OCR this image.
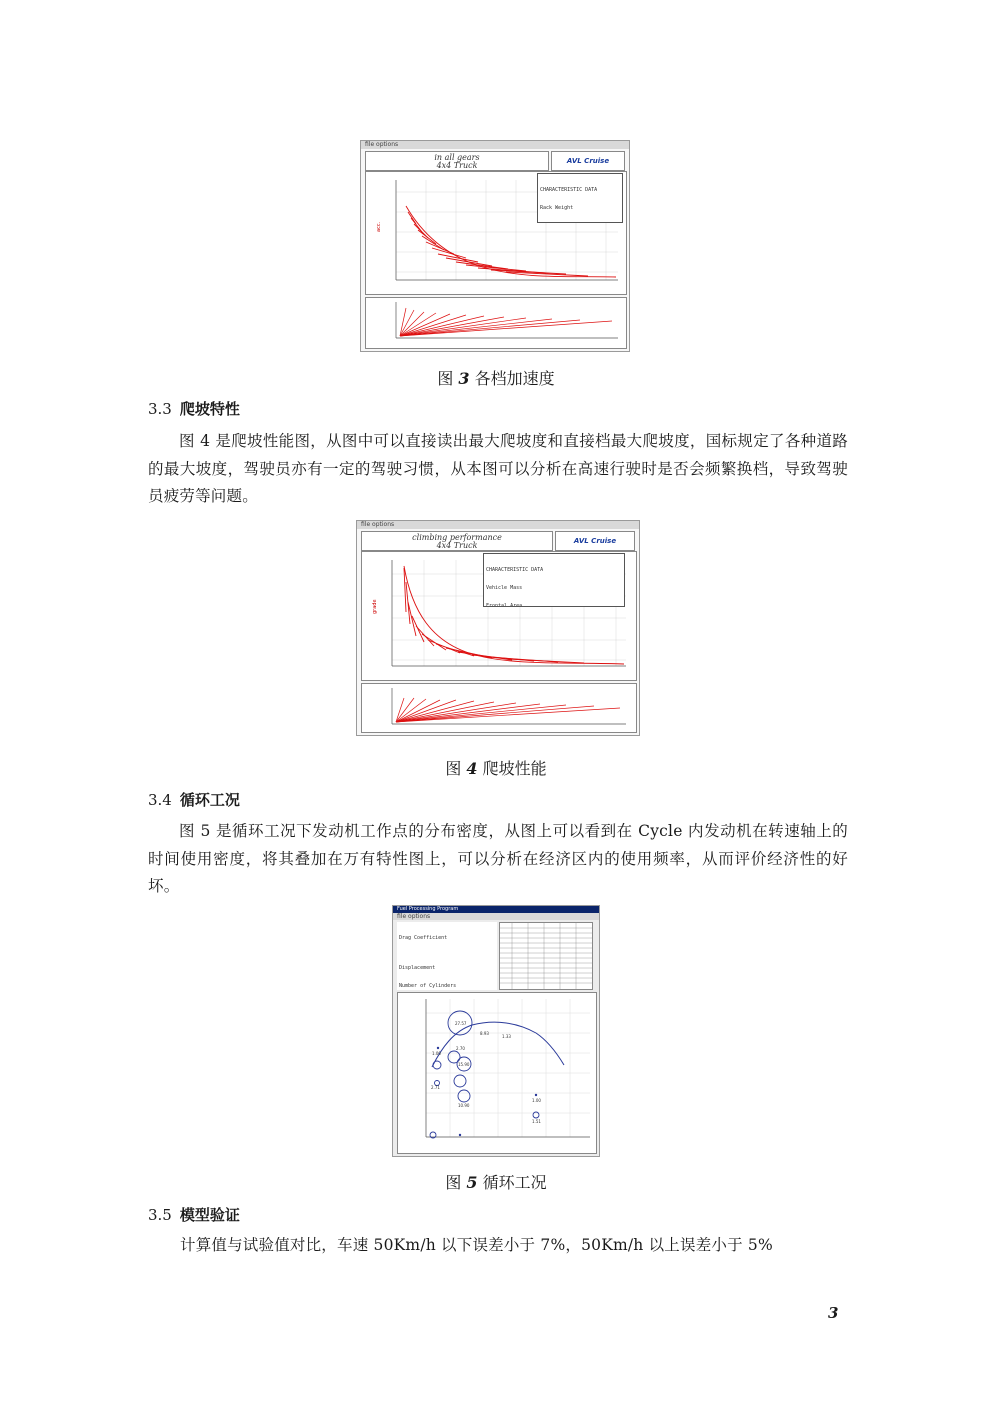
file options
in all gears
4x4 Truck	AVL Cruise
acc.

CHARACTERISTIC DATA

Rack Weight

图 3 各档加速度
3.3 爬坡特性
图 4 是爬坡性能图，从图中可以直接读出最大爬坡度和直接档最大爬坡度，国标规定了各种道路的最大坡度，驾驶员亦有一定的驾驶习惯，从本图可以分析在高速行驶时是否会频繁换档，导致驾驶员疲劳等问题。
file options
climbing performance
4x4 Truck	AVL Cruise
grade

CHARACTERISTIC DATA

Vehicle Mass

Frontal Area

图 4 爬坡性能
3.4 循环工况
图 5 是循环工况下发动机工作点的分布密度，从图上可以看到在 Cycle 内发动机在转速轴上的时间使用密度，将其叠加在万有特性图上，可以分析在经济区内的使用频率，从而评价经济性的好坏。
Fuel Processing Program
file options

Drag Coefficient

Displacement

Number of Cylinders

27.57
2.70
15.90
8.93
1.33
2.71
10.90
1.00
1.51
1.00
图 5 循环工况
3.5 模型验证
计算值与试验值对比，车速 50Km/h 以下误差小于 7%，50Km/h 以上误差小于 5%
3
